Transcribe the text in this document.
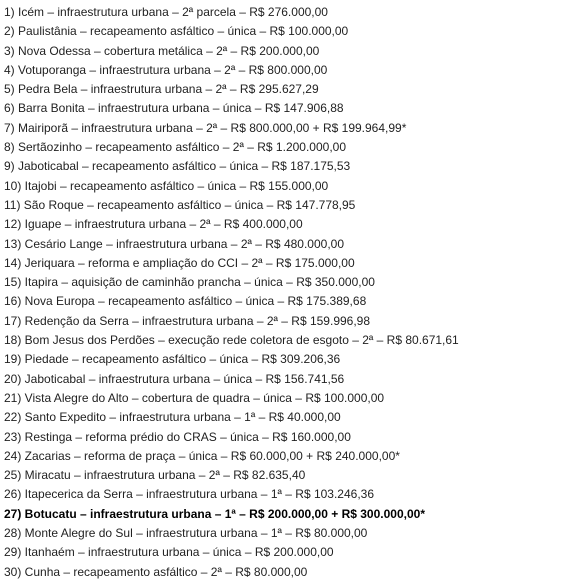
1) Icém – infraestrutura urbana – 2ª parcela – R$ 276.000,00
2) Paulistânia – recapeamento asfáltico – única – R$ 100.000,00
3) Nova Odessa – cobertura metálica – 2ª – R$ 200.000,00
4) Votuporanga – infraestrutura urbana – 2ª – R$ 800.000,00
5) Pedra Bela – infraestrutura urbana – 2ª – R$ 295.627,29
6) Barra Bonita – infraestrutura urbana – única – R$ 147.906,88
7) Mairiporã – infraestrutura urbana – 2ª – R$ 800.000,00 + R$ 199.964,99*
8) Sertãozinho – recapeamento asfáltico – 2ª – R$ 1.200.000,00
9) Jaboticabal – recapeamento asfáltico – única – R$ 187.175,53
10) Itajobi – recapeamento asfáltico – única – R$ 155.000,00
11) São Roque – recapeamento asfáltico – única – R$ 147.778,95
12) Iguape – infraestrutura urbana – 2ª – R$ 400.000,00
13) Cesário Lange – infraestrutura urbana – 2ª – R$ 480.000,00
14) Jeriquara – reforma e ampliação do CCI – 2ª – R$ 175.000,00
15) Itapira – aquisição de caminhão prancha – única – R$ 350.000,00
16) Nova Europa – recapeamento asfáltico – única – R$ 175.389,68
17) Redenção da Serra – infraestrutura urbana – 2ª – R$ 159.996,98
18) Bom Jesus dos Perdões – execução rede coletora de esgoto – 2ª – R$ 80.671,61
19) Piedade – recapeamento asfáltico – única – R$ 309.206,36
20) Jaboticabal – infraestrutura urbana – única – R$ 156.741,56
21) Vista Alegre do Alto – cobertura de quadra – única – R$ 100.000,00
22) Santo Expedito – infraestrutura urbana – 1ª – R$ 40.000,00
23) Restinga – reforma prédio do CRAS – única – R$ 160.000,00
24) Zacarias – reforma de praça – única – R$ 60.000,00 + R$ 240.000,00*
25) Miracatu – infraestrutura urbana – 2ª – R$ 82.635,40
26) Itapecerica da Serra – infraestrutura urbana – 1ª – R$ 103.246,36
27) Botucatu – infraestrutura urbana – 1ª – R$ 200.000,00 + R$ 300.000,00*
28) Monte Alegre do Sul – infraestrutura urbana – 1ª – R$ 80.000,00
29) Itanhaém – infraestrutura urbana – única – R$ 200.000,00
30) Cunha – recapeamento asfáltico – 2ª – R$ 80.000,00
